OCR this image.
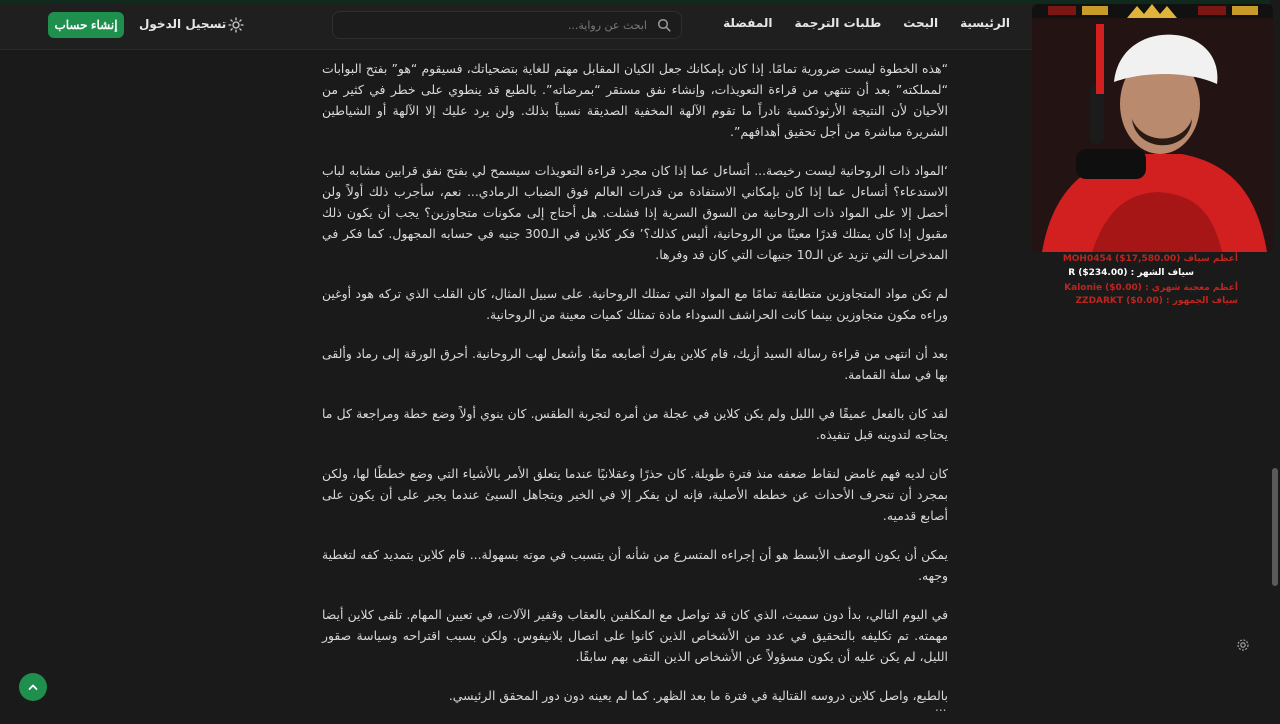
الرئيسية
البحث
طلبات الترجمة
المفضلة
ابحث عن رواية...
تسجيل الدخول
إنشاء حساب

“هذه الخطوة ليست ضرورية تمامًا. إذا كان بإمكانك جعل الكيان المقابل مهتم للغاية بتضحياتك، فسيقوم “هو” بفتح البوابات “لمملكته” بعد أن تنتهي من قراءة التعويذات، وإنشاء نفق مستقر “بمرضاته”. بالطبع قد ينطوي على خطر في كثير من الأحيان لأن النتيجة الأرثوذكسية نادراً ما تقوم الآلهة المخفية الصديقة نسبياً بذلك. ولن يرد عليك إلا الآلهة أو الشياطين الشريرة مباشرة من أجل تحقيق أهدافهم”.

‘المواد ذات الروحانية ليست رخيصة... أتساءل عما إذا كان مجرد قراءة التعويذات سيسمح لي بفتح نفق قرابين مشابه لباب الاستدعاء؟ أتساءل عما إذا كان بإمكاني الاستفادة من قدرات العالم فوق الضباب الرمادي... نعم، سأجرب ذلك أولاً ولن أحصل إلا على المواد ذات الروحانية من السوق السرية إذا فشلت. هل أحتاج إلى مكونات متجاوزين؟ يجب أن يكون ذلك مقبول إذا كان يمتلك قدرًا معينًا من الروحانية، أليس كذلك؟’ فكر كلاين في الـ300 جنيه في حسابه المجهول. كما فكر في المدخرات التي تزيد عن الـ10 جنيهات التي كان قد وفرها.

لم تكن مواد المتجاوزين متطابقة تمامًا مع المواد التي تمتلك الروحانية. على سبيل المثال، كان القلب الذي تركه هود أوغين وراءه مكون متجاوزين بينما كانت الحراشف السوداء مادة تمتلك كميات معينة من الروحانية.

بعد أن انتهى من قراءة رسالة السيد أزيك، قام كلاين بفرك أصابعه معًا وأشعل لهب الروحانية. أحرق الورقة إلى رماد وألقى بها في سلة القمامة.

لقد كان بالفعل عميقًا في الليل ولم يكن كلاين في عجلة من أمره لتجربة الطقس. كان ينوي أولاً وضع خطة ومراجعة كل ما يحتاجه لتدوينه قبل تنفيذه.

كان لديه فهم غامض لنقاط ضعفه منذ فترة طويلة. كان حذرًا وعقلانيًا عندما يتعلق الأمر بالأشياء التي وضع خططًا لها، ولكن بمجرد أن تنحرف الأحداث عن خططه الأصلية، فإنه لن يفكر إلا في الخير ويتجاهل السيئ عندما يجبر على أن يكون على أصابع قدميه.

يمكن أن يكون الوصف الأبسط هو أن إجراءه المتسرع من شأنه أن يتسبب في موته بسهولة... قام كلاين بتمديد كفه لتغطية وجهه.

في اليوم التالي، بدأ دون سميث، الذي كان قد تواصل مع المكلفين بالعقاب وقفير الآلات، في تعيين المهام. تلقى كلاين أيضا مهمته. تم تكليفه بالتحقيق في عدد من الأشخاص الذين كانوا على اتصال بلانيفوس. ولكن بسبب اقتراحه وسياسة صقور الليل، لم يكن عليه أن يكون مسؤولاً عن الأشخاص الذين التقى بهم سابقًا.

بالطبع، واصل كلاين دروسه القتالية في فترة ما بعد الظهر. كما لم يعينه دون دور المحقق الرئيسي.

...
أعظم سياف (MOH0454 ($17,580.00
سياف الشهر : (R ($234.00
أعظم معجبة شهري : (Kalonie ($0.00
سياف الجمهور : (ZZDARKT ($0.00
